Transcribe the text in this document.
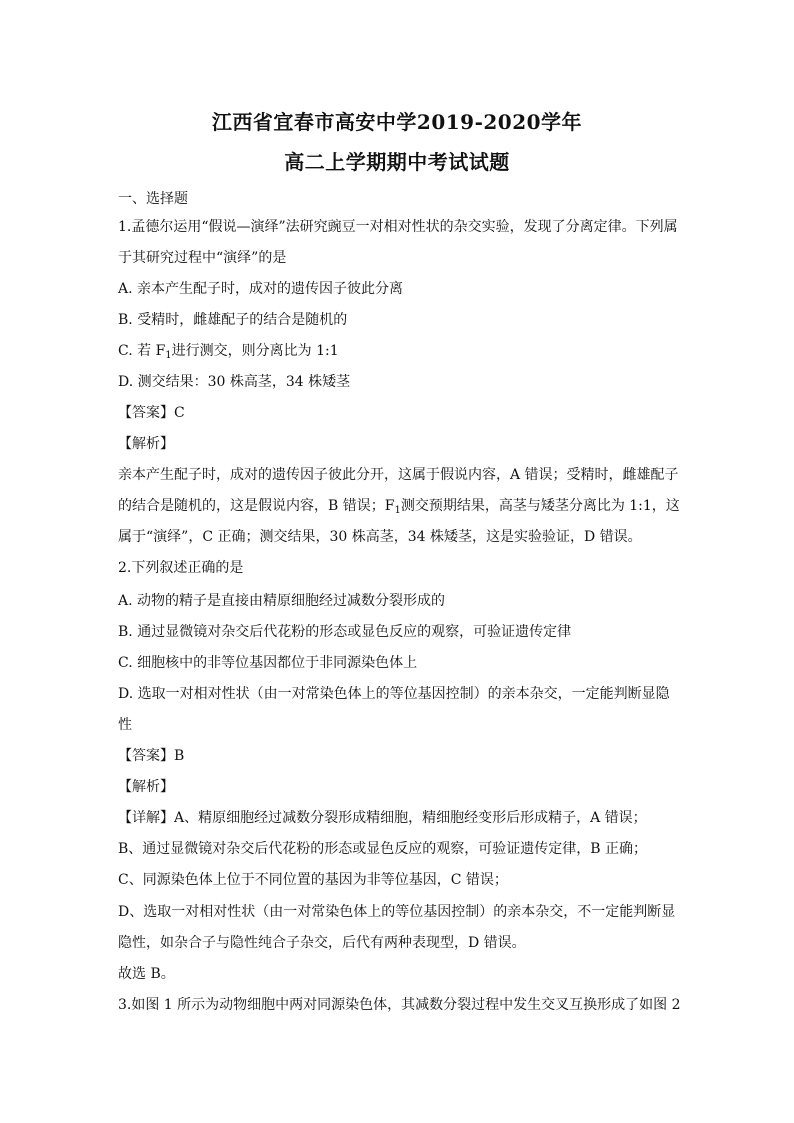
江西省宜春市高安中学2019-2020学年
高二上学期期中考试试题
一、选择题
1.孟德尔运用“假说—演绎”法研究豌豆一对相对性状的杂交实验，发现了分离定律。下列属
于其研究过程中“演绎”的是
A. 亲本产生配子时，成对的遗传因子彼此分离
B. 受精时，雌雄配子的结合是随机的
C. 若 $F_1$进行测交，则分离比为 1:1
D. 测交结果：30 株高茎，34 株矮茎
【答案】C
【解析】
亲本产生配子时，成对的遗传因子彼此分开，这属于假说内容，A 错误；受精时，雌雄配子
的结合是随机的，这是假说内容，B 错误；$F_1$测交预期结果，高茎与矮茎分离比为 1:1，这
属于“演绎”，C 正确；测交结果，30 株高茎，34 株矮茎，这是实验验证，D 错误。
2.下列叙述正确的是
A. 动物的精子是直接由精原细胞经过减数分裂形成的
B. 通过显微镜对杂交后代花粉的形态或显色反应的观察，可验证遗传定律
C. 细胞核中的非等位基因都位于非同源染色体上
D. 选取一对相对性状（由一对常染色体上的等位基因控制）的亲本杂交，一定能判断显隐
性
【答案】B
【解析】
【详解】A、精原细胞经过减数分裂形成精细胞，精细胞经变形后形成精子，A 错误；
B、通过显微镜对杂交后代花粉的形态或显色反应的观察，可验证遗传定律，B 正确；
C、同源染色体上位于不同位置的基因为非等位基因，C 错误；
D、选取一对相对性状（由一对常染色体上的等位基因控制）的亲本杂交，不一定能判断显
隐性，如杂合子与隐性纯合子杂交，后代有两种表现型，D 错误。
故选 B。
3.如图 1 所示为动物细胞中两对同源染色体，其减数分裂过程中发生交叉互换形成了如图 2
